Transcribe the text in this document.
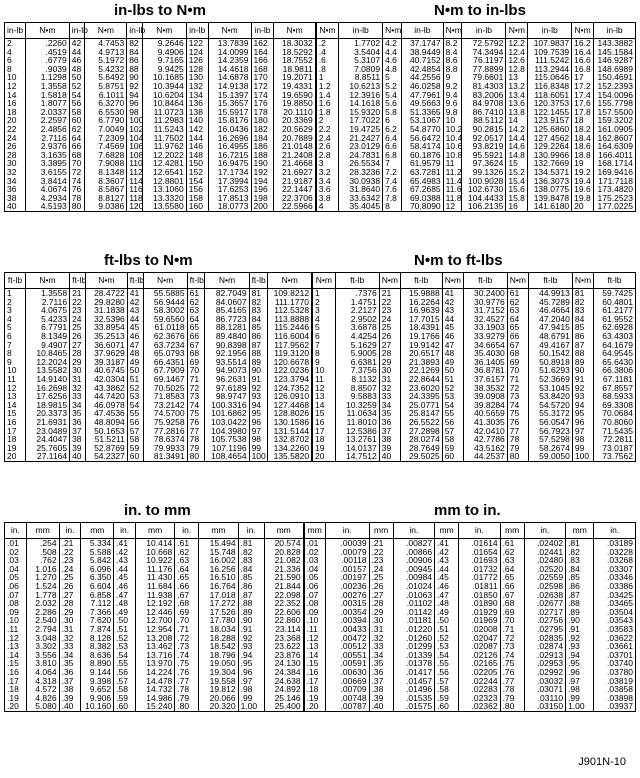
in-lbs to N•m	N•m to in-lbs
in-lb	N•m	in-lb	N•m	in-lb	N•m	in-lb	N•m	in-lb	N•m	N•m	in-lb	N•m	in-lb	N•m	in-lb	N•m	in-lb	N•m	in-lb
2	.2260	42	4.7453	82	9.2646	122	13.7839	162	18.3032	.2	1.7702	4.2	37.1747	8.2	72.5792	12.2	107.9837	16.2	143.3882
4	.4519	44	4.9713	84	9.4906	124	14.0099	164	18.5292	.4	3.5404	4.4	38.9449	8.4	74.3494	12.4	109.7539	16.4	145.1584
6	.6779	46	5.1972	86	9.7165	126	14.2359	166	18.7552	.6	5.3107	4.6	40.7152	8.6	76.1197	12.6	111.5242	16.6	146.9287
8	.9039	48	5.4232	88	9.9425	128	14.4618	168	18.9811	.8	7.0809	4.8	42.4854	8.8	77.8899	12.8	113.2944	16.8	148.6989
10	1.1298	50	5.6492	90	10.1685	130	14.6878	170	19.2071	1	8.8511	5	44.2556	9	79.6601	13	115.0646	17	150.4691
12	1.3558	52	5.8751	92	10.3944	132	14.9138	172	19.4331	1.2	10.6213	5.2	46.0258	9.2	81.4303	13.2	116.8348	17.2	152.2393
14	1.5818	54	6.1011	94	10.6204	134	15.1397	174	19.6590	1.4	12.3916	5.4	47.7961	9.4	83.2006	13.4	118.6051	17.4	154.0096
16	1.8077	56	6.3270	96	10.8464	136	15.3657	176	19.8850	1.6	14.1618	5.6	49.5663	9.6	84.9708	13.6	120.3753	17.6	155.7798
18	2.0337	58	6.5530	98	11.0723	138	15.5917	178	20.1110	1.8	15.9320	5.8	51.3365	9.8	86.7410	13.8	122.1455	17.8	157.5500
20	2.2597	60	6.7790	100	11.2983	140	15.8176	180	20.3369	2	17.7022	6	53.1067	10	88.5112	14	123.9157	18	159.3202
22	2.4856	62	7.0049	102	11.5243	142	16.0436	182	20.5629	2.2	19.4725	6.2	54.8770	10.2	90.2815	14.2	125.6860	18.2	161.0905
24	2.7116	64	7.2309	104	11.7502	144	16.2696	184	20.7889	2.4	21.2427	6.4	56.6472	10.4	92.0517	14.4	127.4562	18.4	162.8607
26	2.9376	66	7.4569	106	11.9762	146	16.4955	186	21.0148	2.6	23.0129	6.6	58.4174	10.6	93.8219	14.6	129.2264	18.6	164.6309
28	3.1635	68	7.6828	108	12.2022	148	16.7215	188	21.2408	2.8	24.7831	6.8	60.1876	10.8	95.5921	14.8	130.9966	18.8	166.4011
30	3.3895	70	7.9088	110	12.4281	150	16.9475	190	21.4668	3	26.5534	7	61.9579	11	97.3624	15	132.7669	19	168.1714
32	3.6155	72	8.1348	112	12.6541	152	17.1734	192	21.6927	3.2	28.3236	7.2	63.7281	11.2	99.1326	15.2	134.5371	19.2	169.9416
34	3.8414	74	8.3607	114	12.8801	154	17.3994	194	21.9187	3.4	30.0938	7.4	65.4983	11.4	100.9028	15.4	136.3073	19.4	171.7118
36	4.0674	76	8.5867	116	13.1060	156	17.6253	196	22.1447	3.6	31.8640	7.6	67.2685	11.6	102.6730	15.6	138.0775	19.6	173.4820
38	4.2934	78	8.8127	118	13.3320	158	17.8513	198	22.3706	3.8	33.6342	7.8	69.0388	11.8	104.4433	15.8	139.8478	19.8	175.2523
40	4.5193	80	9.0386	120	13.5580	160	18.0773	200	22.5966	4	35.4045	8	70.8090	12	106.2135	16	141.6180	20	177.0225
ft-lbs to N•m	N•m to ft-lbs
ft-lb	N•m	ft-lb	N•m	ft-lb	N•m	ft-lb	N•m	ft-lb	N•m	N•m	ft-lb	N•m	ft-lb	N•m	ft-lb	N•m	ft-lb	N•m	ft-lb
1	1.3558	21	28.4722	41	55.5885	61	82.7049	81	109.8212	1	.7376	21	15.9888	41	30.2400	61	44.9913	81	59.7425
2	2.7116	22	29.8280	42	56.9444	62	84.0607	82	111.1770	2	1.4751	22	16.2264	42	30.9776	62	45.7289	82	60.4801
3	4.0675	23	31.1838	43	58.3002	63	85.4165	83	112.5328	3	2.2127	23	16.9639	43	31.7152	63	46.4664	83	61.2177
4	5.4233	24	32.5396	44	59.6560	64	86.7723	84	113.8888	4	2.9502	24	17.7015	44	32.4527	64	47.2040	84	61.9552
5	6.7791	25	33.8954	45	61.0118	65	88.1281	85	115.2446	5	3.6878	25	18.4391	45	33.1903	65	47.9415	85	62.6928
6	8.1349	26	35.2513	46	62.3676	66	89.4840	86	116.6004	6	4.4254	26	19.1766	46	33.9279	66	48.6791	86	63.4303
7	9.4907	27	36.6071	47	63.7234	67	90.8398	87	117.9562	7	5.1629	27	19.9142	47	34.6654	67	49.4167	87	64.1679
8	10.8465	28	37.9629	48	65.0793	68	92.1956	88	119.3120	8	5.9005	28	20.6517	48	35.4030	68	50.1542	88	64.9545
9	12.2024	29	39.3187	49	66.4351	69	93.5514	89	120.6678	9	6.6381	29	21.3893	49	36.1405	69	50.8918	89	65.6430
10	13.5582	30	40.6745	50	67.7909	70	94.9073	90	122.0236	10	7.3756	30	22.1269	50	36.8781	70	51.6293	90	66.3806
11	14.9140	31	42.0304	51	69.1467	71	96.2631	91	123.3794	11	8.1132	31	22.8644	51	37.6157	71	52.3669	91	67.1181
12	16.2698	32	43.3862	52	70.5025	72	97.6189	92	124.7352	12	8.8507	32	23.6020	52	38.3532	72	53.1045	92	67.8557
13	17.6256	33	44.7420	53	71.8583	73	98.9747	93	126.0910	13	9.5883	33	24.3395	53	39.0908	73	53.8420	93	68.5933
14	18.9815	34	46.0978	54	73.2142	74	100.3316	94	127.4468	14	10.3259	34	25.0771	54	39.8284	74	54.5720	94	69.3308
15	20.3373	35	47.4536	55	74.5700	75	101.6862	95	128.8026	15	11.0634	35	25.8147	55	40.5659	75	55.3172	95	70.0684
16	21.6931	36	48.8094	56	75.9258	76	103.0422	96	130.1586	16	11.8010	36	26.5522	56	41.3035	76	56.0547	96	70.8060
17	23.0489	37	50.1653	57	77.2816	77	104.3980	97	131.5144	17	12.5386	37	27.2898	57	42.0410	77	56.7923	97	71.5435
18	24.4047	38	51.5211	58	78.6374	78	105.7538	98	132.8702	18	13.2761	38	28.0274	58	42.7786	78	57.5298	98	72.2811
19	25.7605	39	52.8769	59	79.9933	79	107.1196	99	134.2260	19	14.0137	39	28.7649	59	43.5162	79	58.2674	99	73.0187
20	27.1164	40	54.2327	60	81.3491	80	108.4654	100	135.5820	20	14.7512	40	29.5025	60	44.2537	80	59.0050	100	73.7562
in. to mm	mm to in.
in.	mm	in.	mm	in.	mm	in.	mm	in.	mm	mm	in.	mm	in.	mm	in.	mm	in.	mm	in.
.01	.254	.21	5.334	.41	10.414	.61	15.494	.81	20.574	.01	.00039	.21	.00827	.41	.01614	.61	.02402	.81	.03189
.02	.508	.22	5.588	.42	10.668	.62	15.748	.82	20.828	.02	.00079	.22	.00866	.42	.01654	.62	.02441	.82	.03228
.03	.762	.23	5.842	.43	10.922	.63	16.002	.83	21.082	.03	.00118	.23	.00906	.43	.01693	.63	.02480	.83	.03268
.04	1.016	.24	6.096	.44	11.176	.64	16.256	.84	21.336	.04	.00157	.24	.00945	.44	.01732	.64	.02520	.84	.03307
.05	1.270	.25	6.350	.45	11.430	.65	16.510	.85	21.590	.05	.00197	.25	.00984	.45	.01772	.65	.02559	.85	.03346
.06	1.524	.26	6.604	.46	11.684	.66	16.764	.86	21.844	.06	.00236	.26	.01024	.46	.01811	.66	.02598	.86	.03386
.07	1.778	.27	6.858	.47	11.938	.67	17.018	.87	22.098	.07	.00276	.27	.01063	.47	.01850	.67	.02638	.87	.03425
.08	2.032	.28	7.112	.48	12.192	.68	17.272	.88	22.352	.08	.00315	.28	.01102	.48	.01890	.68	.02677	.88	.03465
.09	2.286	.29	7.366	.49	12.446	.69	17.526	.89	22.606	.09	.00354	.29	.01142	.49	.01929	.69	.02717	.89	.03504
.10	2.540	.30	7.620	.50	12.700	.70	17.780	.90	22.860	.10	.00394	.30	.01181	.50	.01969	.70	.02756	.90	.03543
.11	2.794	.31	7.874	.51	12.954	.71	18.034	.91	23.114	.11	.00433	.31	.01220	.51	.02008	.71	.02795	.91	.03583
.12	3.048	.32	8.128	.52	13.208	.72	18.288	.92	23.368	.12	.00472	.32	.01260	.52	.02047	.72	.02835	.92	.03622
.13	3.302	.33	8.382	.53	13.462	.73	18.542	.93	23.622	.13	.00512	.33	.01299	.53	.02087	.73	.02874	.93	.03661
.14	3.556	.34	8.636	.54	13.716	.74	18.796	.94	23.876	.14	.00551	.34	.01339	.54	.02126	.74	.02913	.94	.03701
.15	3.810	.35	8.890	.55	13.970	.75	19.050	.95	24.130	.15	.00591	.35	.01378	.55	.02165	.75	.02953	.95	.03740
.16	4.064	.36	9.144	.56	14.224	.76	19.304	.96	24.384	.16	.00630	.36	.01417	.56	.02205	.76	.02992	.96	.03780
.17	4.318	.37	9.398	.57	14.478	.77	19.558	.97	24.638	.17	.00669	.37	.01457	.57	.02244	.77	.03032	.97	.03819
.18	4.572	.38	9.652	.58	14.732	.78	19.812	.98	24.892	.18	.00709	.38	.01496	.58	.02283	.78	.03071	.98	.03858
.19	4.826	.39	9.906	.59	14.986	.79	20.066	.99	25.146	.19	.00748	.39	.01535	.59	.02323	.79	.03110	.99	.03898
.20	5.080	.40	10.160	.60	15.240	.80	20.320	1.00	25.400	.20	.00787	.40	.01575	.60	.02362	.80	.03150	1.00	.03937
J901N-10
